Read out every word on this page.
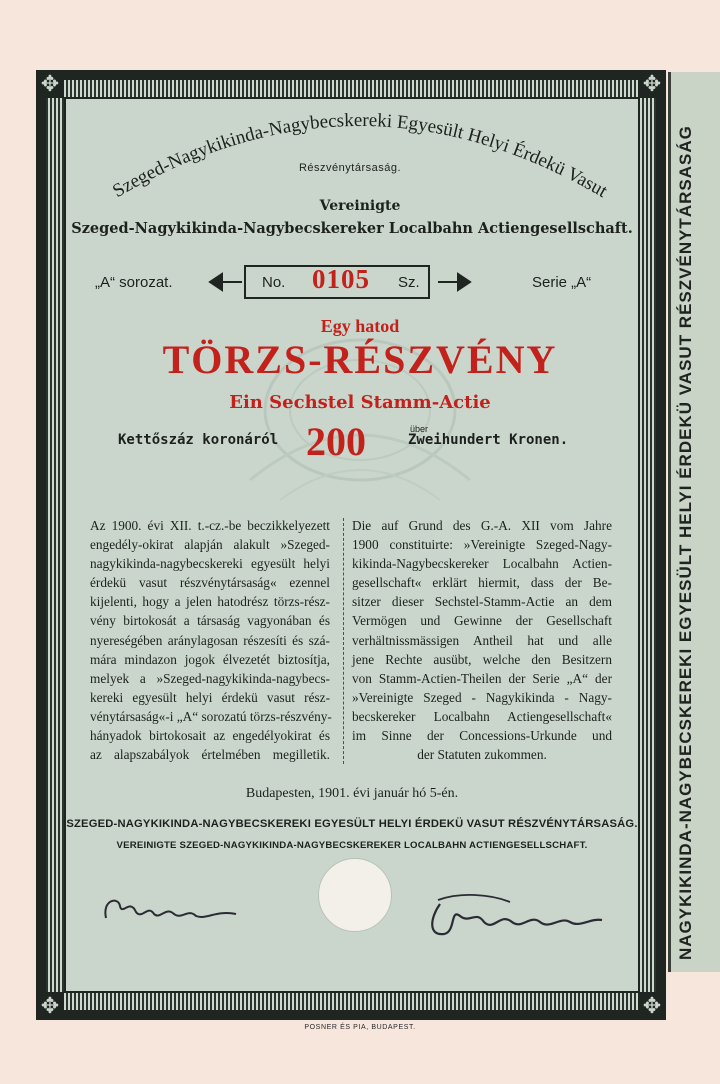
NAGYKIKINDA-NAGYBECSKEREKI EGYESÜLT HELYI ÉRDEKÜ VASUT RÉSZVÉNYTÁRSASÁG
✥	✥
✥	✥
Szeged-Nagykikinda-Nagybecskereki Egyesült Helyi Érdekü Vasut
Részvénytársaság.
Vereinigte
Szeged-Nagykikinda-Nagybecskereker Localbahn Actiengesellschaft.
„A“ sorozat.	Serie „A“
No. 0105 Sz.
Egy hatod
TÖRZS-RÉSZVÉNY
Ein Sechstel Stamm-Actie
Kettőszáz koronáról 200	über
Zweihundert Kronen.
Az 1900. évi XII. t.-cz.-be beczikkelyezett
engedély-okirat alapján alakult »Szeged-
nagykikinda-nagybecskereki egyesült helyi
érdekü vasut részvénytársaság« ezennel
kijelenti, hogy a jelen hatodrész törzs-rész-
vény birtokosát a társaság vagyonában és
nyereségében aránylagosan részesíti és szá-
mára mindazon jogok élvezetét biztosítja,
melyek a »Szeged-nagykikinda-nagybecs-
kereki egyesült helyi érdekü vasut rész-
vénytársaság«-i „A“ sorozatú törzs-részvény-
hányadok birtokosait az engedélyokirat és
az alapszabályok értelmében megilletik.
Die auf Grund des G.-A. XII vom Jahre
1900 constituirte: »Vereinigte Szeged-Nagy-
kikinda-Nagybecskereker Localbahn Actien-
gesellschaft« erklärt hiermit, dass der Be-
sitzer dieser Sechstel-Stamm-Actie an dem
Vermögen und Gewinne der Gesellschaft
verhältnissmässigen Antheil hat und alle
jene Rechte ausübt, welche den Besitzern
von Stamm-Actien-Theilen der Serie „A“ der
»Vereinigte Szeged - Nagykikinda - Nagy-
becskereker Localbahn Actiengesellschaft«
im Sinne der Concessions-Urkunde und
der Statuten zukommen.
Budapesten, 1901. évi január hó 5-én.
SZEGED-NAGYKIKINDA-NAGYBECSKEREKI EGYESÜLT HELYI ÉRDEKÜ VASUT RÉSZVÉNYTÁRSASÁG.
VEREINIGTE SZEGED-NAGYKIKINDA-NAGYBECSKEREKER LOCALBAHN ACTIENGESELLSCHAFT.
POSNER ÉS PIA, BUDAPEST.
